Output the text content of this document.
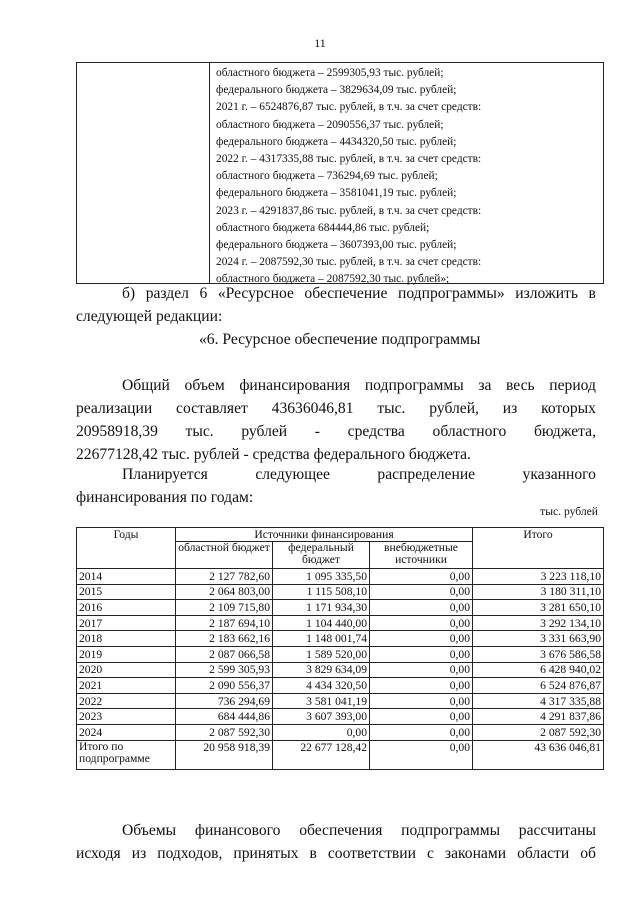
11
областного бюджета – 2599305,93 тыс. рублей;
федерального бюджета – 3829634,09 тыс. рублей;
2021 г. – 6524876,87 тыс. рублей, в т.ч. за счет средств:
областного бюджета – 2090556,37 тыс. рублей;
федерального бюджета – 4434320,50 тыс. рублей;
2022 г. – 4317335,88 тыс. рублей, в т.ч. за счет средств:
областного бюджета – 736294,69 тыс. рублей;
федерального бюджета – 3581041,19 тыс. рублей;
2023 г. – 4291837,86 тыс. рублей, в т.ч. за счет средств:
областного бюджета 684444,86 тыс. рублей;
федерального бюджета – 3607393,00 тыс. рублей;
2024 г. – 2087592,30 тыс. рублей, в т.ч. за счет средств:
областного бюджета – 2087592,30 тыс. рублей»;
б) раздел 6 «Ресурсное обеспечение подпрограммы» изложить в
следующей редакции:
«6. Ресурсное обеспечение подпрограммы
Общий объем финансирования подпрограммы за весь период
реализации составляет 43636046,81 тыс. рублей, из которых
20958918,39 тыс. рублей - средства областного бюджета,
22677128,42 тыс. рублей - средства федерального бюджета.
Планируется	следующее	распределение	указанного
финансирования по годам:
тыс. рублей
Годы	Источники финансирования			Итого
	областной бюджет	федеральный бюджет	внебюджетные источники	
2014	2 127 782,60	1 095 335,50	0,00	3 223 118,10
2015	2 064 803,00	1 115 508,10	0,00	3 180 311,10
2016	2 109 715,80	1 171 934,30	0,00	3 281 650,10
2017	2 187 694,10	1 104 440,00	0,00	3 292 134,10
2018	2 183 662,16	1 148 001,74	0,00	3 331 663,90
2019	2 087 066,58	1 589 520,00	0,00	3 676 586,58
2020	2 599 305,93	3 829 634,09	0,00	6 428 940,02
2021	2 090 556,37	4 434 320,50	0,00	6 524 876,87
2022	736 294,69	3 581 041,19	0,00	4 317 335,88
2023	684 444,86	3 607 393,00	0,00	4 291 837,86
2024	2 087 592,30	0,00	0,00	2 087 592,30
Итого по подпрограмме	20 958 918,39	22 677 128,42	0,00	43 636 046,81
Объемы финансового обеспечения подпрограммы рассчитаны
исходя из подходов, принятых в соответствии с законами области об
